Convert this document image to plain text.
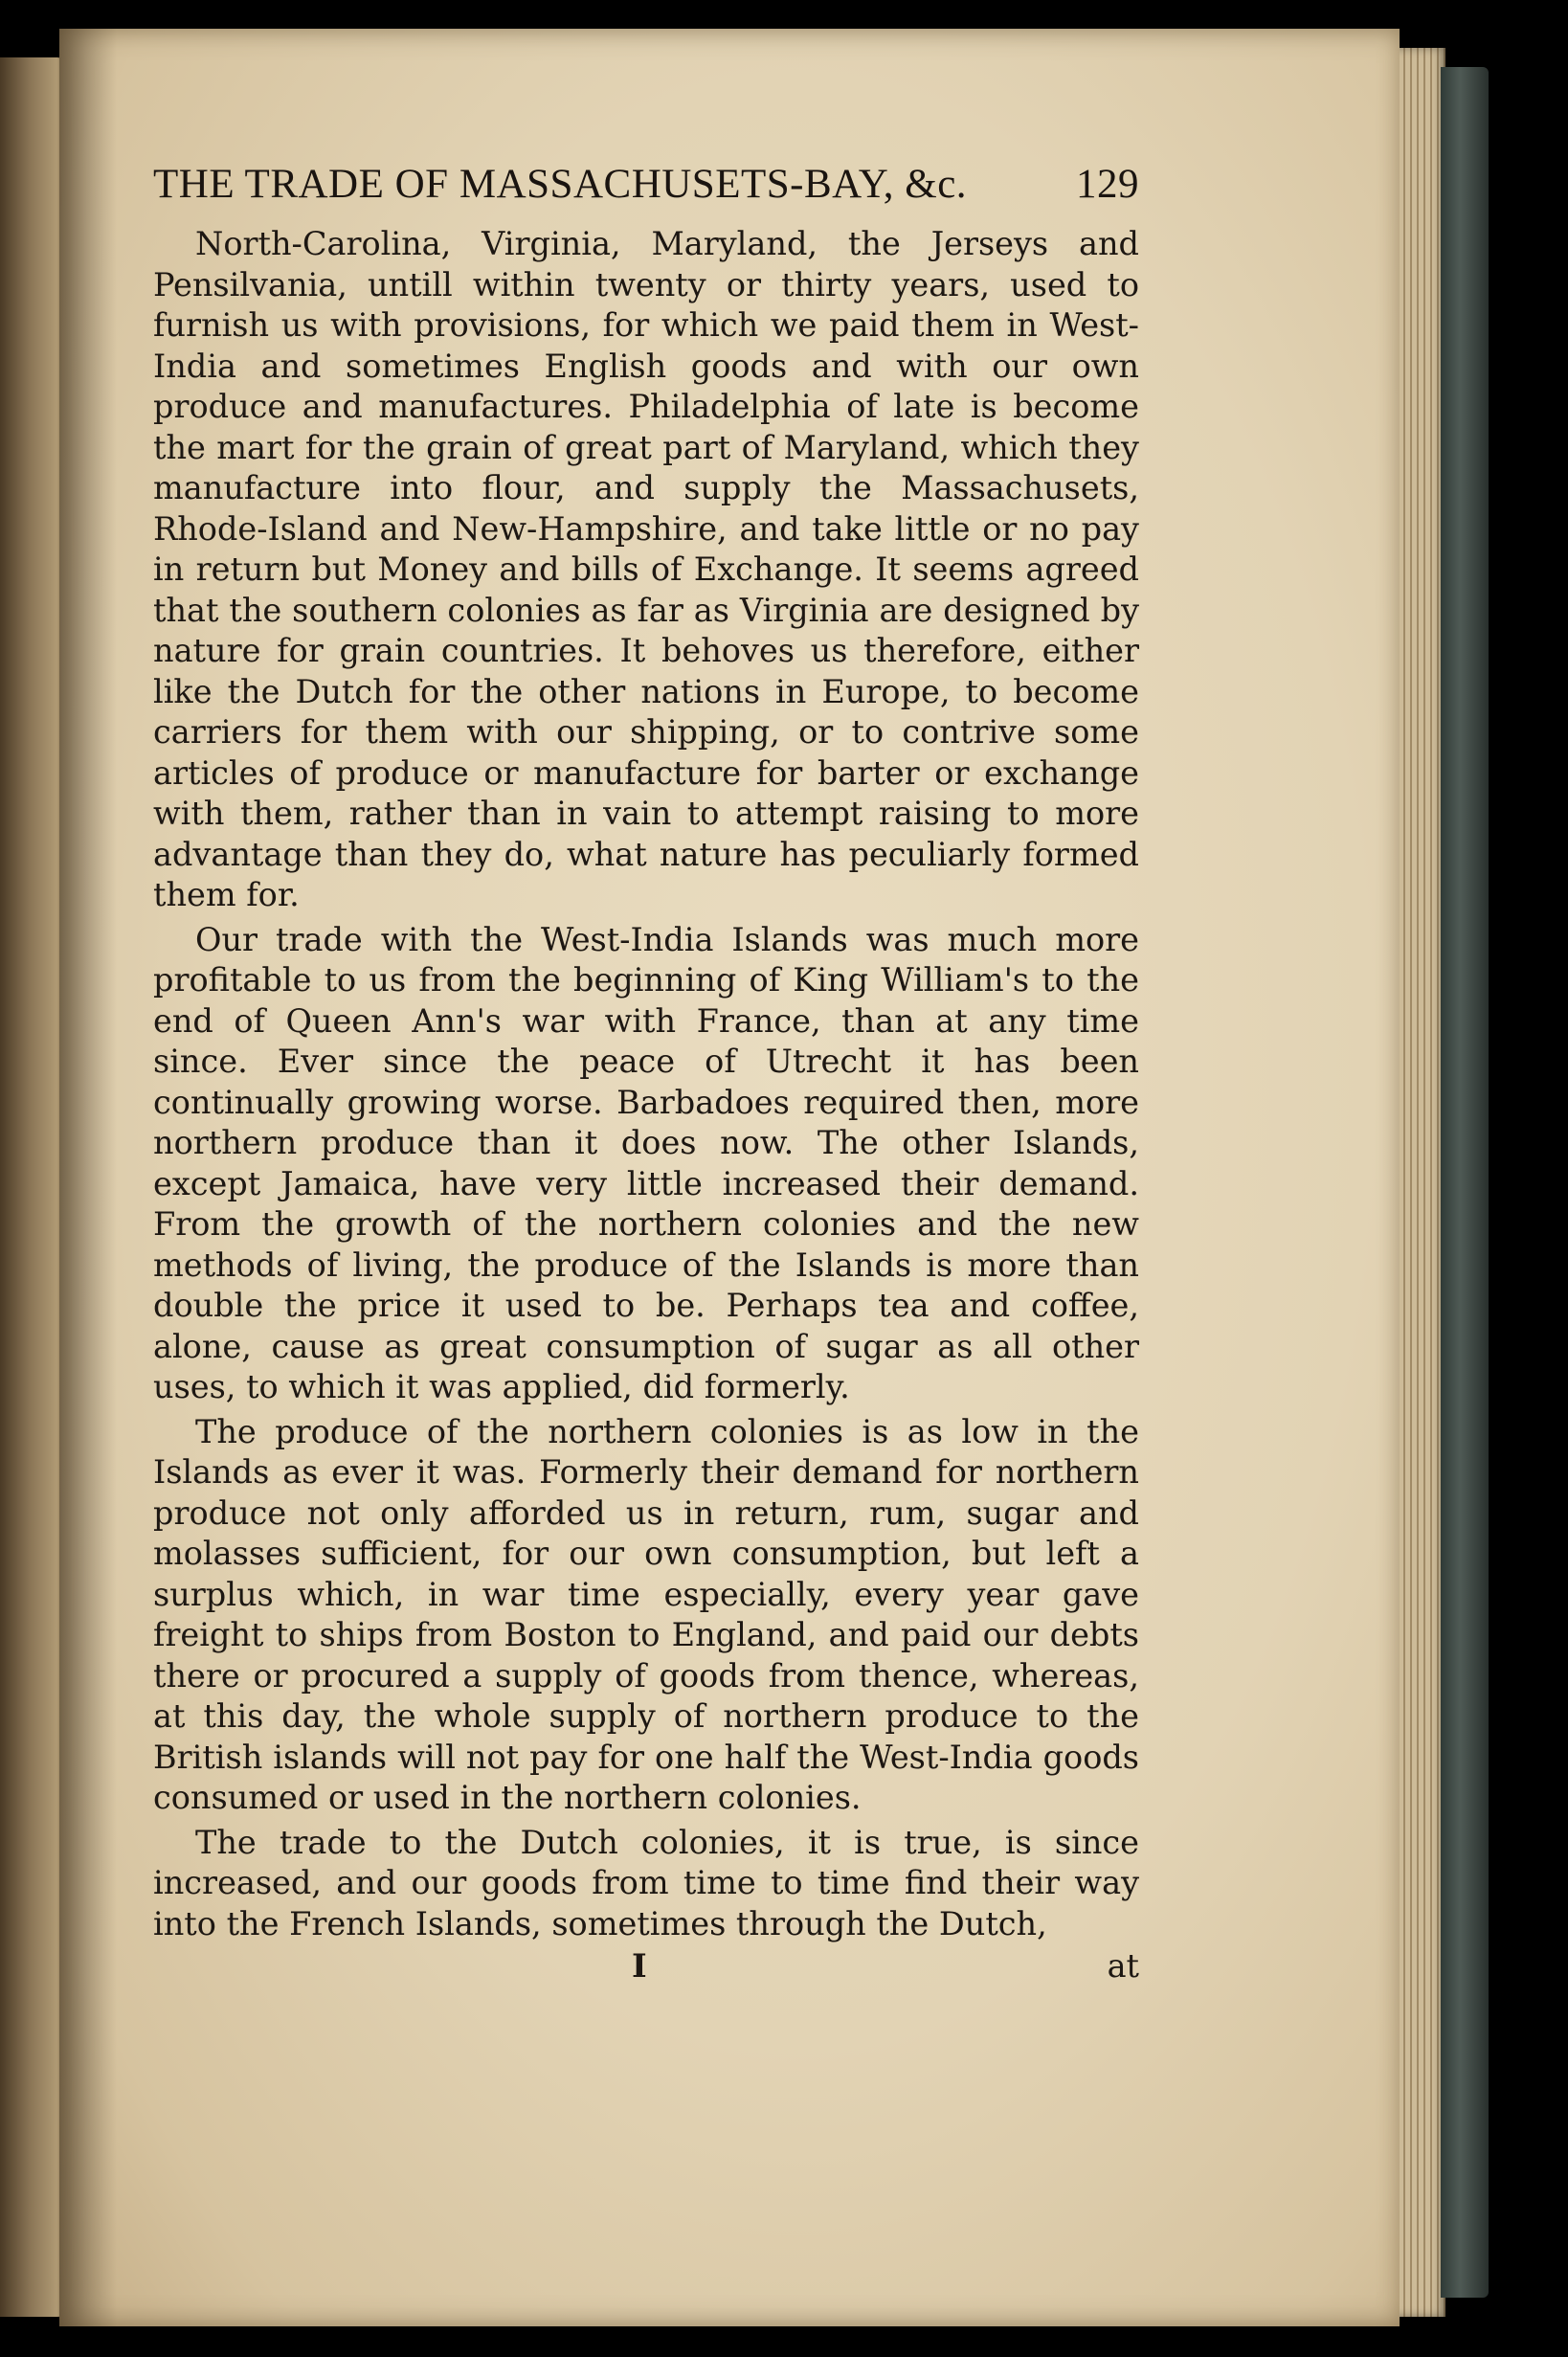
THE TRADE OF MASSACHUSETS-BAY, &c.	129

North-Carolina, Virginia, Maryland, the Jerseys and Pensilvania, untill within twenty or thirty years, used to furnish us with provisions, for which we paid them in West-India and sometimes English goods and with our own produce and manufactures. Philadelphia of late is become the mart for the grain of great part of Maryland, which they manufacture into flour, and supply the Massachusets, Rhode-Island and New-Hampshire, and take little or no pay in return but Money and bills of Exchange. It seems agreed that the southern colonies as far as Virginia are designed by nature for grain countries. It behoves us therefore, either like the Dutch for the other nations in Europe, to become carriers for them with our shipping, or to contrive some articles of produce or manufacture for barter or exchange with them, rather than in vain to attempt raising to more advantage than they do, what nature has peculiarly formed them for.

Our trade with the West-India Islands was much more profitable to us from the beginning of King William's to the end of Queen Ann's war with France, than at any time since. Ever since the peace of Utrecht it has been continually growing worse. Barbadoes required then, more northern produce than it does now. The other Islands, except Jamaica, have very little increased their demand. From the growth of the northern colonies and the new methods of living, the produce of the Islands is more than double the price it used to be. Perhaps tea and coffee, alone, cause as great consumption of sugar as all other uses, to which it was applied, did formerly.

The produce of the northern colonies is as low in the Islands as ever it was. Formerly their demand for northern produce not only afforded us in return, rum, sugar and molasses sufficient, for our own consumption, but left a surplus which, in war time especially, every year gave freight to ships from Boston to England, and paid our debts there or procured a supply of goods from thence, whereas, at this day, the whole supply of northern produce to the British islands will not pay for one half the West-India goods consumed or used in the northern colonies.

The trade to the Dutch colonies, it is true, is since increased, and our goods from time to time find their way into the French Islands, sometimes through the Dutch,

I	at
